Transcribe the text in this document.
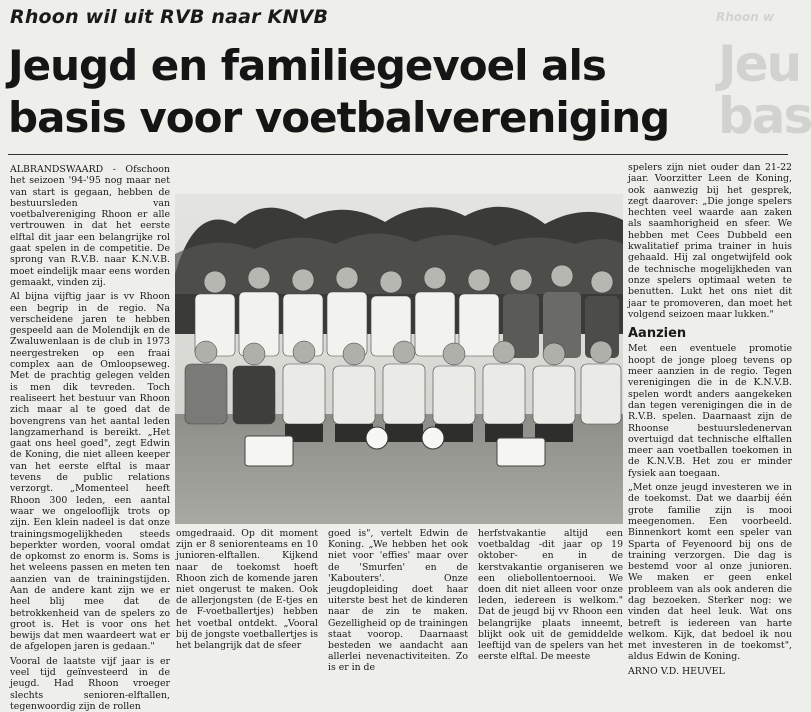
Rhoon wil uit RVB naar KNVB
Jeugd en familiegevoel als
basis voor voetbalvereniging
Rhoon w
Jeu bas

ALBRANDSWAARD - Ofschoon het seizoen '94-'95 nog maar net van start is gegaan, hebben de bestuursleden van voetbalvereniging Rhoon er alle vertrouwen in dat het eerste elftal dit jaar een belangrijke rol gaat spelen in de competitie. De sprong van R.V.B. naar K.N.V.B. moet eindelijk maar eens worden gemaakt, vinden zij.

Al bijna vijftig jaar is vv Rhoon een begrip in de regio. Na verscheidene jaren te hebben gespeeld aan de Molendijk en de Zwaluwenlaan is de club in 1973 neergestreken op een fraai complex aan de Omloopseweg. Met de prachtig gelegen velden is men dik tevreden. Toch realiseert het bestuur van Rhoon zich maar al te goed dat de bovengrens van het aantal leden langzamerhand is bereikt. „Het gaat ons heel goed", zegt Edwin de Koning, die niet alleen keeper van het eerste elftal is maar tevens de public relations verzorgt. „Momenteel heeft Rhoon 300 leden, een aantal waar we ongelooflijk trots op zijn. Een klein nadeel is dat onze trainingsmogelijkheden steeds beperkter worden, vooral omdat de opkomst zo enorm is. Soms is het weleens passen en meten ten aanzien van de trainingstijden. Aan de andere kant zijn we er heel blij mee dat de betrokkenheid van de spelers zo groot is. Het is voor ons het bewijs dat men waardeert wat er de afgelopen jaren is gedaan."

Vooral de laatste vijf jaar is er veel tijd geïnvesteerd in de jeugd. Had Rhoon vroeger slechts senioren-elftallen, tegenwoordig zijn de rollen

omgedraaid. Op dit moment zijn er 8 seniorenteams en 10 junioren-elftallen. Kijkend naar de toekomst hoeft Rhoon zich de komende jaren niet ongerust te maken. Ook de allerjongsten (de E-tjes en de F-voetballertjes) hebben het voetbal ontdekt. „Vooral bij de jongste voetballertjes is het belangrijk dat de sfeer
goed is", vertelt Edwin de Koning. „We hebben het ook niet voor 'effies' maar over de 'Smurfen' en de 'Kabouters'. Onze jeugdopleiding doet haar uiterste best het de kinderen naar de zin te maken. Gezelligheid op de trainingen staat voorop. Daarnaast besteden we aandacht aan allerlei nevenactiviteiten. Zo is er in de
herfstvakantie altijd een voetbaldag -dit jaar op 19 oktober- en in de kerstvakantie organiseren we een oliebollentoernooi. We doen dit niet alleen voor onze leden, iedereen is welkom." Dat de jeugd bij vv Rhoon een belangrijke plaats inneemt, blijkt ook uit de gemiddelde leeftijd van de spelers van het eerste elftal. De meeste

spelers zijn niet ouder dan 21-22 jaar. Voorzitter Leen de Koning, ook aanwezig bij het gesprek, zegt daarover: „Die jonge spelers hechten veel waarde aan zaken als saamhorigheid en sfeer. We hebben met Cees Dubbeld een kwalitatief prima trainer in huis gehaald. Hij zal ongetwijfeld ook de technische mogelijkheden van onze spelers optimaal weten te benutten. Lukt het ons niet dit jaar te promoveren, dan moet het volgend seizoen maar lukken."

Aanzien

Met een eventuele promotie hoopt de jonge ploeg tevens op meer aanzien in de regio. Tegen verenigingen die in de K.N.V.B. spelen wordt anders aangekeken dan tegen verenigingen die in de R.V.B. spelen. Daarnaast zijn de Rhoonse bestuursledenervan overtuigd dat technische elftallen meer aan voetballen toekomen in de K.N.V.B. Het zou er minder fysiek aan toegaan.

„Met onze jeugd investeren we in de toekomst. Dat we daarbij één grote familie zijn is mooi meegenomen. Een voorbeeld. Binnenkort komt een speler van Sparta of Feyenoord bij ons de training verzorgen. Die dag is bestemd voor al onze junioren. We maken er geen enkel probleem van als ook anderen die dag bezoeken. Sterker nog: we vinden dat heel leuk. Wat ons betreft is iedereen van harte welkom. Kijk, dat bedoel ik nou met investeren in de toekomst", aldus Edwin de Koning.

ARNO V.D. HEUVEL
